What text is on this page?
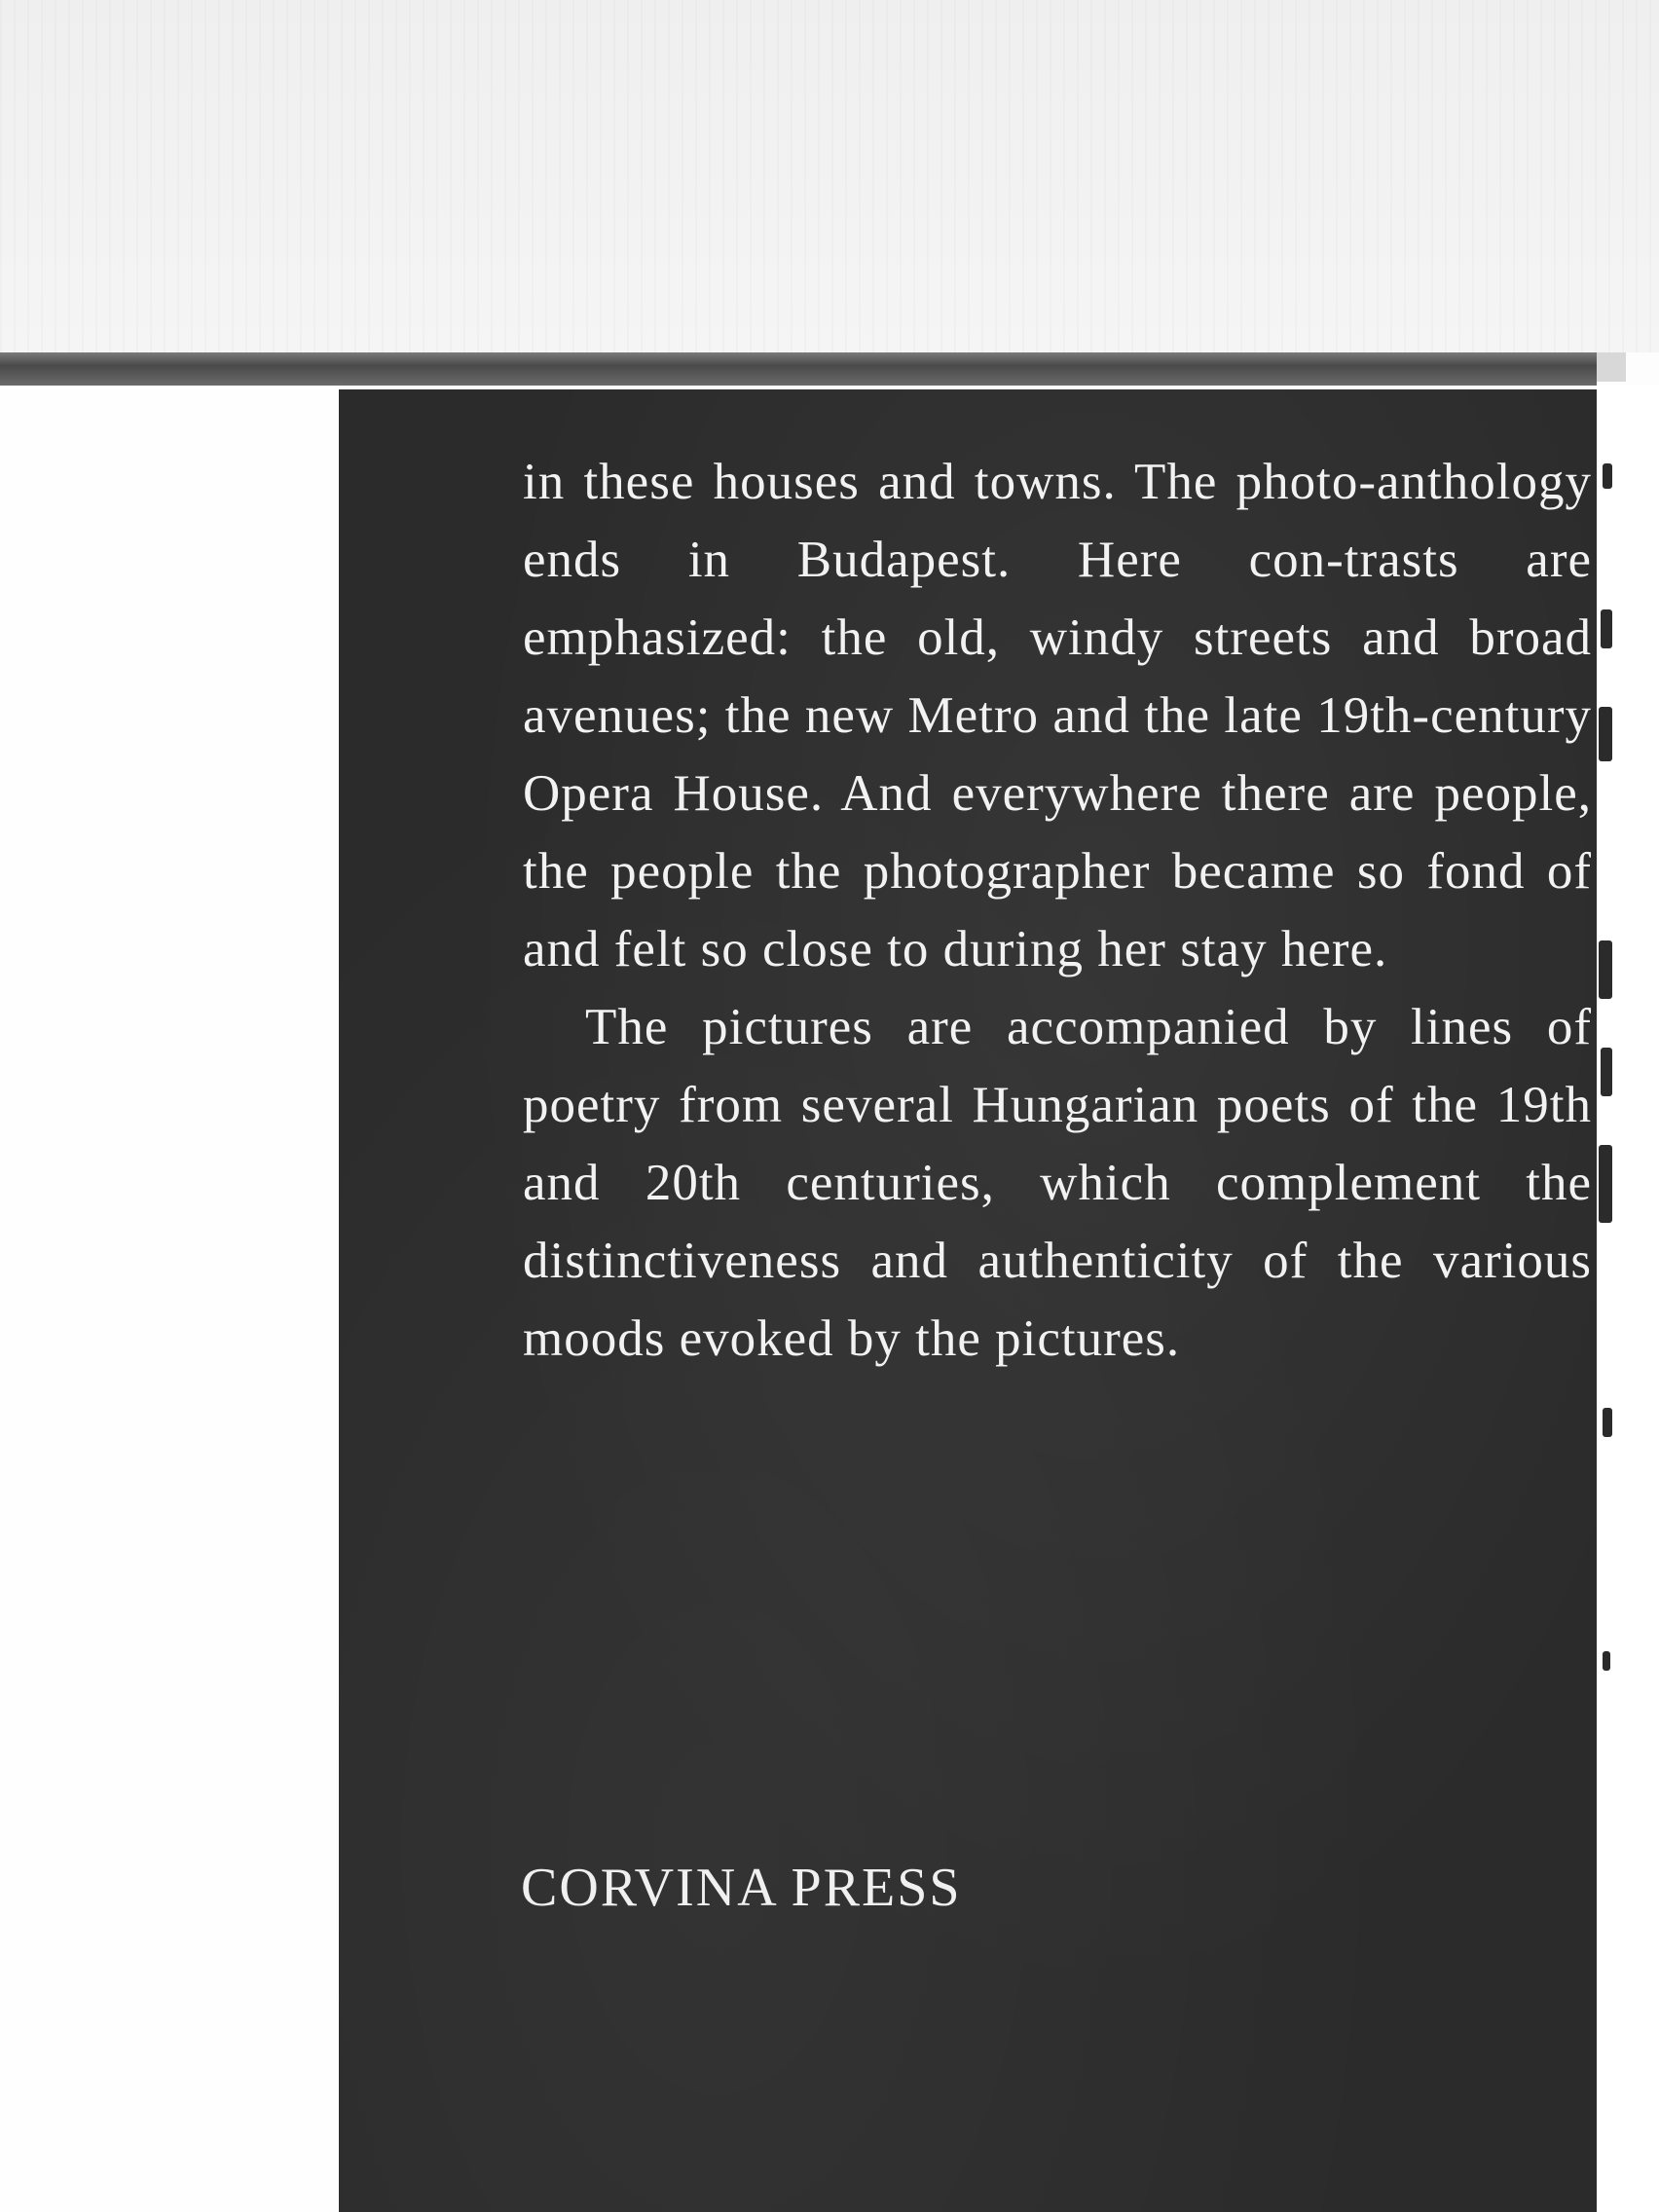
in these houses and towns. The photo-anthology ends in Budapest. Here con-trasts are emphasized: the old, windy streets and broad avenues; the new Metro and the late 19th-century Opera House. And everywhere there are people, the people the photographer became so fond of and felt so close to during her stay here.

The pictures are accompanied by lines of poetry from several Hungarian poets of the 19th and 20th centuries, which complement the distinctiveness and authenticity of the various moods evoked by the pictures.

CORVINA PRESS
